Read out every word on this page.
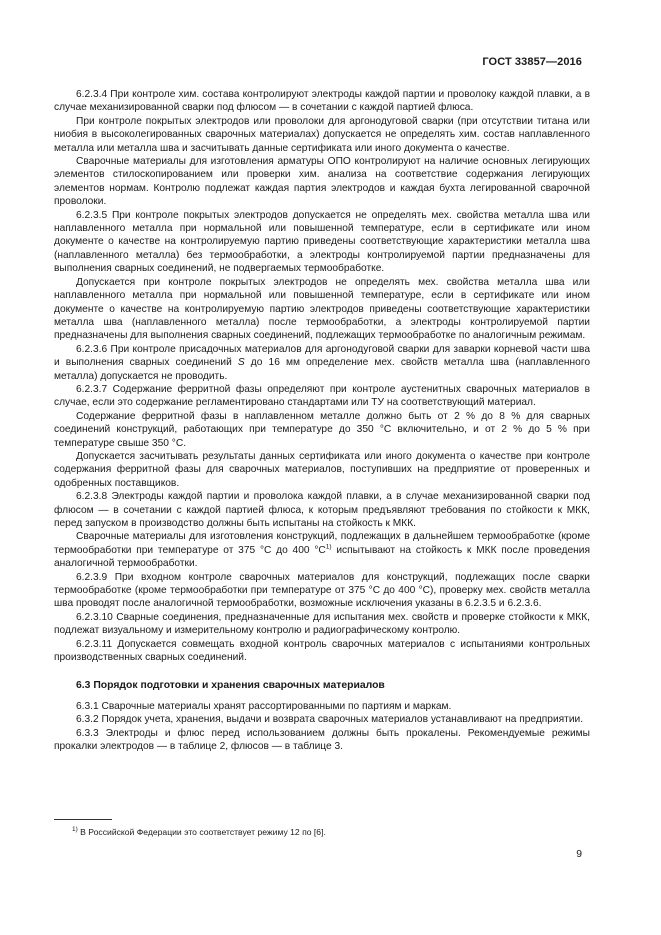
ГОСТ 33857—2016

6.2.3.4 При контроле хим. состава контролируют электроды каждой партии и проволоку каждой плавки, а в случае механизированной сварки под флюсом — в сочетании с каждой партией флюса.

При контроле покрытых электродов или проволоки для аргонодуговой сварки (при отсутствии титана или ниобия в высоколегированных сварочных материалах) допускается не определять хим. состав наплавленного металла или металла шва и засчитывать данные сертификата или иного документа о качестве.

Сварочные материалы для изготовления арматуры ОПО контролируют на наличие основных легирующих элементов стилоскопированием или проверки хим. анализа на соответствие содержания легирующих элементов нормам. Контролю подлежат каждая партия электродов и каждая бухта легированной сварочной проволоки.

6.2.3.5 При контроле покрытых электродов допускается не определять мех. свойства металла шва или наплавленного металла при нормальной или повышенной температуре, если в сертификате или ином документе о качестве на контролируемую партию приведены соответствующие характеристики металла шва (наплавленного металла) без термообработки, а электроды контролируемой партии предназначены для выполнения сварных соединений, не подвергаемых термообработке.

Допускается при контроле покрытых электродов не определять мех. свойства металла шва или наплавленного металла при нормальной или повышенной температуре, если в сертификате или ином документе о качестве на контролируемую партию электродов приведены соответствующие характеристики металла шва (наплавленного металла) после термообработки, а электроды контролируемой партии предназначены для выполнения сварных соединений, подлежащих термообработке по аналогичным режимам.

6.2.3.6 При контроле присадочных материалов для аргонодуговой сварки для заварки корневой части шва и выполнения сварных соединений S до 16 мм определение мех. свойств металла шва (наплавленного металла) допускается не проводить.

6.2.3.7 Содержание ферритной фазы определяют при контроле аустенитных сварочных материалов в случае, если это содержание регламентировано стандартами или ТУ на соответствующий материал.

Содержание ферритной фазы в наплавленном металле должно быть от 2 % до 8 % для сварных соединений конструкций, работающих при температуре до 350 °С включительно, и от 2 % до 5 % при температуре свыше 350 °С.

Допускается засчитывать результаты данных сертификата или иного документа о качестве при контроле содержания ферритной фазы для сварочных материалов, поступивших на предприятие от проверенных и одобренных поставщиков.

6.2.3.8 Электроды каждой партии и проволока каждой плавки, а в случае механизированной сварки под флюсом — в сочетании с каждой партией флюса, к которым предъявляют требования по стойкости к МКК, перед запуском в производство должны быть испытаны на стойкость к МКК.

Сварочные материалы для изготовления конструкций, подлежащих в дальнейшем термообработке (кроме термообработки при температуре от 375 °С до 400 $^\circ С^{1)}$ испытывают на стойкость к МКК после проведения аналогичной термообработки.

6.2.3.9 При входном контроле сварочных материалов для конструкций, подлежащих после сварки термообработке (кроме термообработки при температуре от 375 °С до 400 °С), проверку мех. свойств металла шва проводят после аналогичной термообработки, возможные исключения указаны в 6.2.3.5 и 6.2.3.6.

6.2.3.10 Сварные соединения, предназначенные для испытания мех. свойств и проверке стойкости к МКК, подлежат визуальному и измерительному контролю и радиографическому контролю.

6.2.3.11 Допускается совмещать входной контроль сварочных материалов с испытаниями контрольных производственных сварных соединений.

6.3 Порядок подготовки и хранения сварочных материалов

6.3.1 Сварочные материалы хранят рассортированными по партиям и маркам.

6.3.2 Порядок учета, хранения, выдачи и возврата сварочных материалов устанавливают на предприятии.

6.3.3 Электроды и флюс перед использованием должны быть прокалены. Рекомендуемые режимы прокалки электродов — в таблице 2, флюсов — в таблице 3.

$^{1)}$ В Российской Федерации это соответствует режиму 12 по [6].
9
